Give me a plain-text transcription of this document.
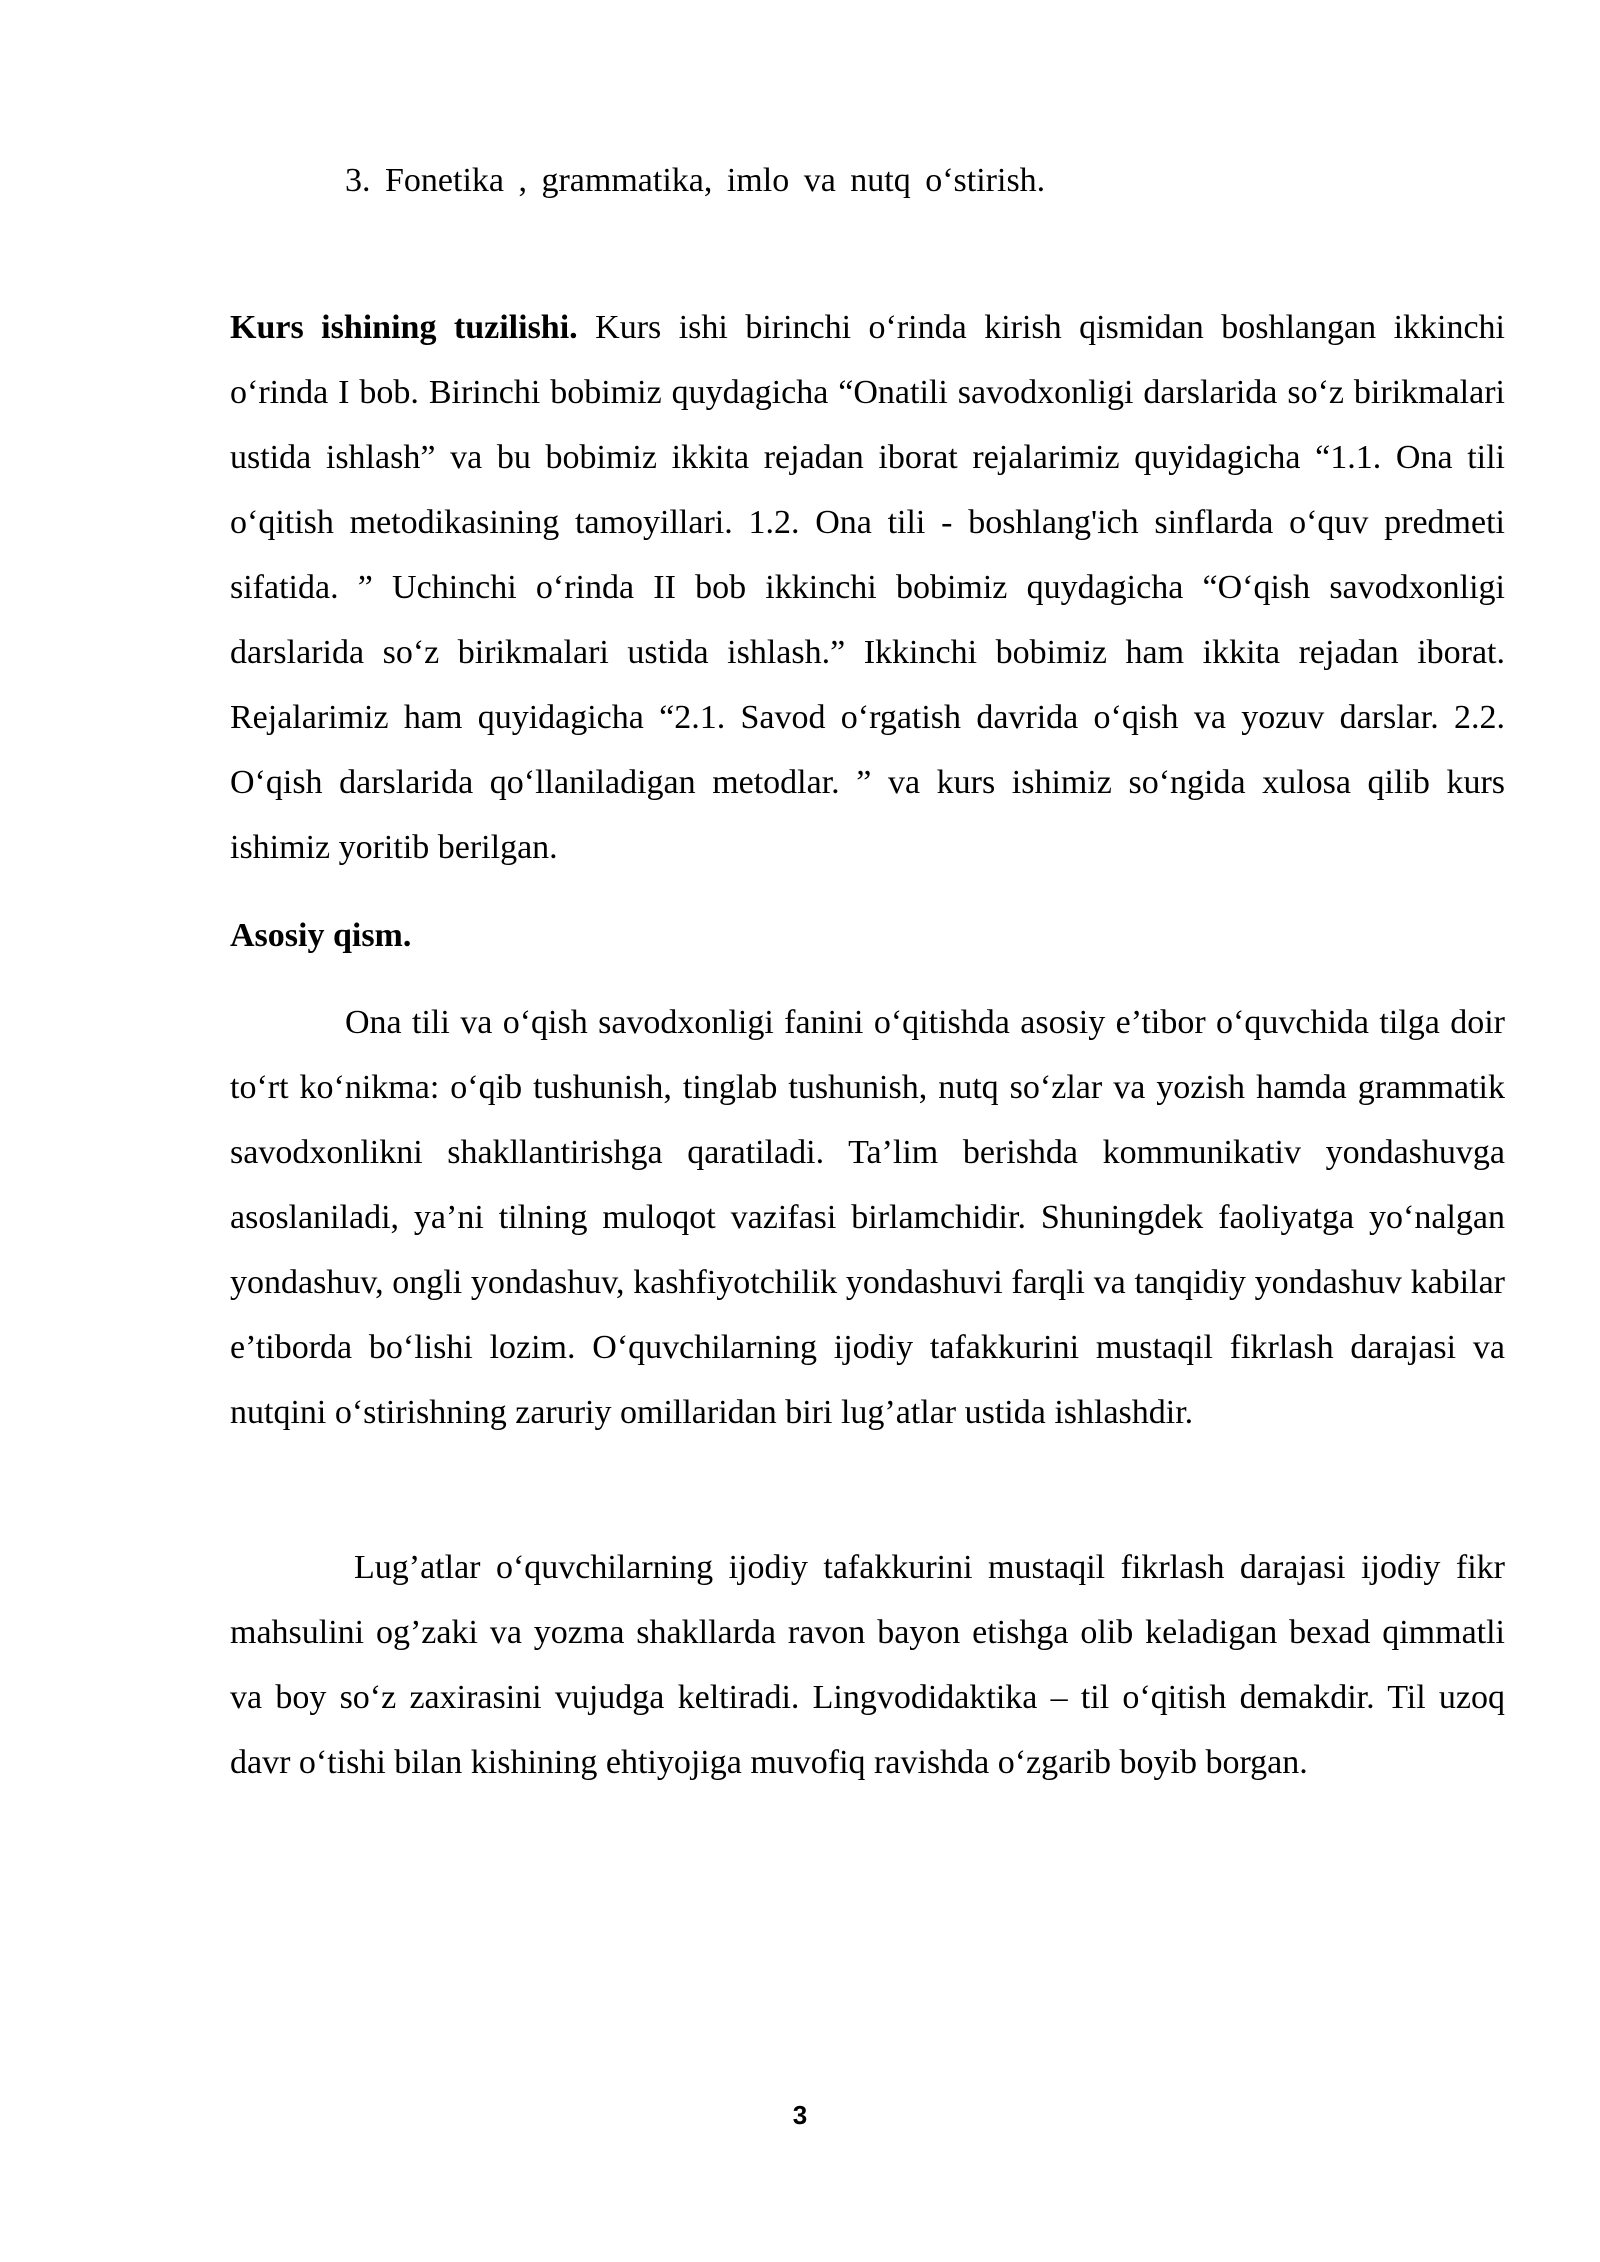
3. Fonetika , grammatika, imlo va nutq o‘stirish.
Kurs ishining tuzilishi. Kurs ishi birinchi o‘rinda kirish qismidan boshlangan ikkinchi o‘rinda I bob. Birinchi bobimiz quydagicha “Onatili savodxonligi darslarida so‘z birikmalari ustida ishlash” va bu bobimiz ikkita rejadan iborat rejalarimiz quyidagicha “1.1. Ona tili o‘qitish metodikasining tamoyillari. 1.2. Ona tili - boshlang'ich sinflarda o‘quv predmeti sifatida. ” Uchinchi o‘rinda II bob ikkinchi bobimiz quydagicha “O‘qish savodxonligi darslarida so‘z birikmalari ustida ishlash.” Ikkinchi bobimiz ham ikkita rejadan iborat. Rejalarimiz ham quyidagicha “2.1. Savod o‘rgatish davrida o‘qish va yozuv darslar. 2.2. O‘qish darslarida qo‘llaniladigan metodlar. ” va kurs ishimiz so‘ngida xulosa qilib kurs ishimiz yoritib berilgan.
Asosiy qism.
Ona tili va o‘qish savodxonligi fanini o‘qitishda asosiy e’tibor o‘quvchida tilga doir to‘rt ko‘nikma: o‘qib tushunish, tinglab tushunish, nutq so‘zlar va yozish hamda grammatik savodxonlikni shakllantirishga qaratiladi. Ta’lim berishda kommunikativ yondashuvga asoslaniladi, ya’ni tilning muloqot vazifasi birlamchidir. Shuningdek faoliyatga yo‘nalgan yondashuv, ongli yondashuv, kashfiyotchilik yondashuvi farqli va tanqidiy yondashuv kabilar e’tiborda bo‘lishi lozim. O‘quvchilarning ijodiy tafakkurini mustaqil fikrlash darajasi va nutqini o‘stirishning zaruriy omillaridan biri lug’atlar ustida ishlashdir.
Lug’atlar o‘quvchilarning ijodiy tafakkurini mustaqil fikrlash darajasi ijodiy fikr mahsulini og’zaki va yozma shakllarda ravon bayon etishga olib keladigan bexad qimmatli va boy so‘z zaxirasini vujudga keltiradi. Lingvodidaktika – til o‘qitish demakdir. Til uzoq davr o‘tishi bilan kishining ehtiyojiga muvofiq ravishda o‘zgarib boyib borgan.
3
